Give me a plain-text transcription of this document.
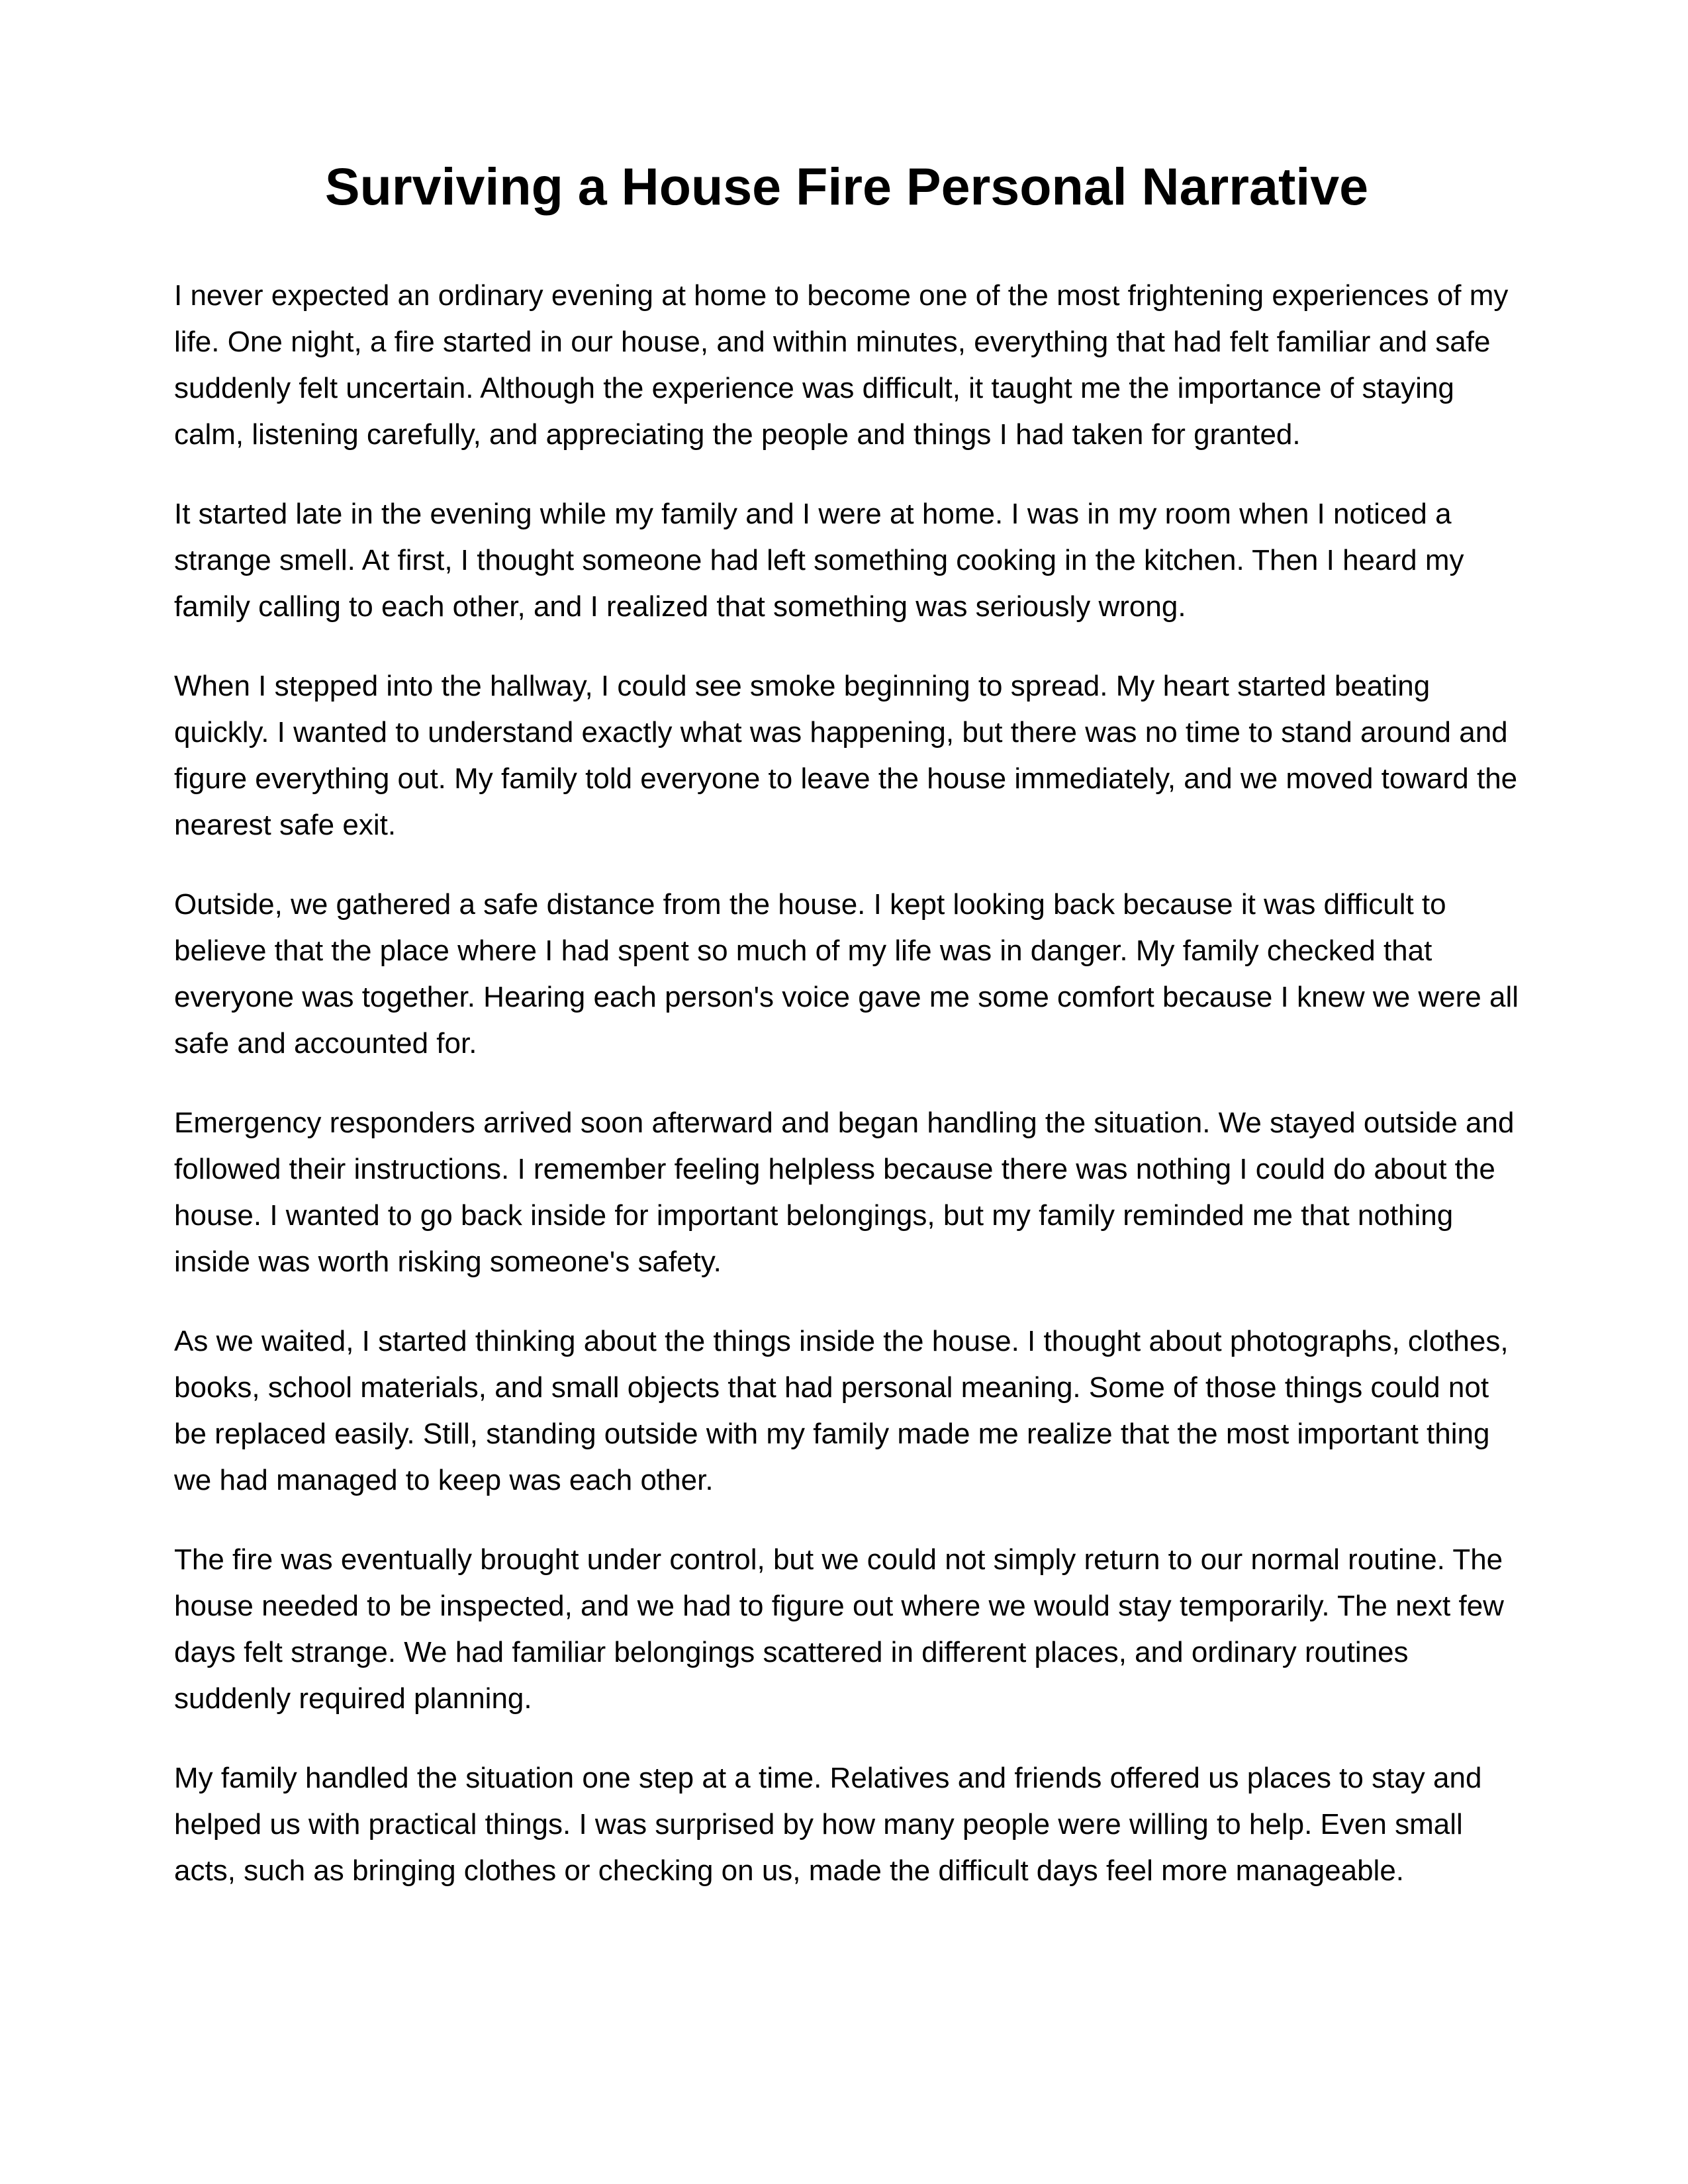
Surviving a House Fire Personal Narrative

I never expected an ordinary evening at home to become one of the most frightening experiences of my life. One night, a fire started in our house, and within minutes, everything that had felt familiar and safe suddenly felt uncertain. Although the experience was difficult, it taught me the importance of staying calm, listening carefully, and appreciating the people and things I had taken for granted.

It started late in the evening while my family and I were at home. I was in my room when I noticed a strange smell. At first, I thought someone had left something cooking in the kitchen. Then I heard my family calling to each other, and I realized that something was seriously wrong.

When I stepped into the hallway, I could see smoke beginning to spread. My heart started beating quickly. I wanted to understand exactly what was happening, but there was no time to stand around and figure everything out. My family told everyone to leave the house immediately, and we moved toward the nearest safe exit.

Outside, we gathered a safe distance from the house. I kept looking back because it was difficult to believe that the place where I had spent so much of my life was in danger. My family checked that everyone was together. Hearing each person's voice gave me some comfort because I knew we were all safe and accounted for.

Emergency responders arrived soon afterward and began handling the situation. We stayed outside and followed their instructions. I remember feeling helpless because there was nothing I could do about the house. I wanted to go back inside for important belongings, but my family reminded me that nothing inside was worth risking someone's safety.

As we waited, I started thinking about the things inside the house. I thought about photographs, clothes, books, school materials, and small objects that had personal meaning. Some of those things could not be replaced easily. Still, standing outside with my family made me realize that the most important thing we had managed to keep was each other.

The fire was eventually brought under control, but we could not simply return to our normal routine. The house needed to be inspected, and we had to figure out where we would stay temporarily. The next few days felt strange. We had familiar belongings scattered in different places, and ordinary routines suddenly required planning.

My family handled the situation one step at a time. Relatives and friends offered us places to stay and helped us with practical things. I was surprised by how many people were willing to help. Even small acts, such as bringing clothes or checking on us, made the difficult days feel more manageable.
